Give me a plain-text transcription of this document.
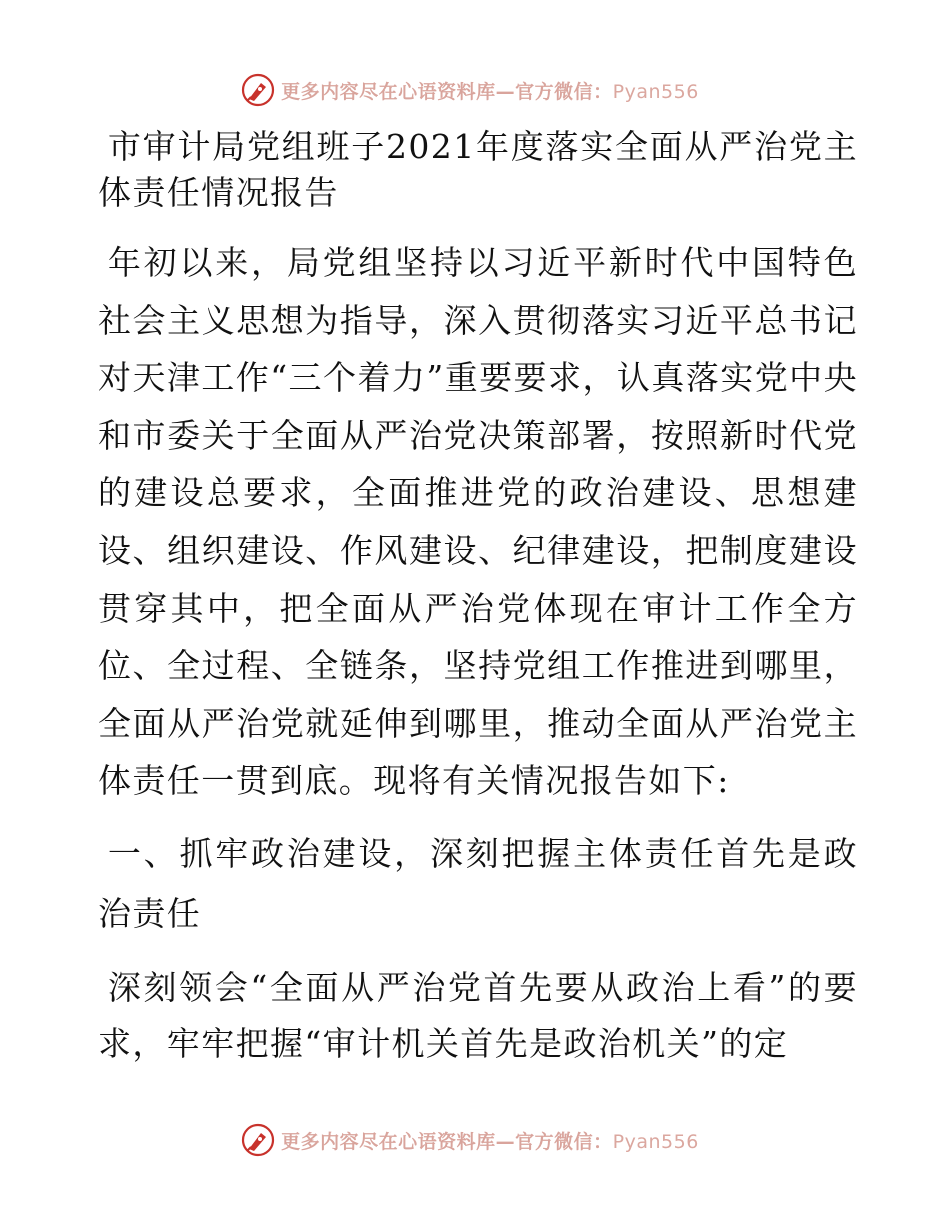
更多内容尽在心语资料库—官方微信：Pyan556

市审计局党组班子2021年度落实全面从严治党主体责任情况报告

年初以来，局党组坚持以习近平新时代中国特色社会主义思想为指导，深入贯彻落实习近平总书记对天津工作“三个着力”重要要求，认真落实党中央和市委关于全面从严治党决策部署，按照新时代党的建设总要求，全面推进党的政治建设、思想建设、组织建设、作风建设、纪律建设，把制度建设贯穿其中，把全面从严治党体现在审计工作全方位、全过程、全链条，坚持党组工作推进到哪里，全面从严治党就延伸到哪里，推动全面从严治党主体责任一贯到底。现将有关情况报告如下:

一、抓牢政治建设，深刻把握主体责任首先是政治责任

深刻领会“全面从严治党首先要从政治上看”的要求，牢牢把握“审计机关首先是政治机关”的定

更多内容尽在心语资料库—官方微信：Pyan556
